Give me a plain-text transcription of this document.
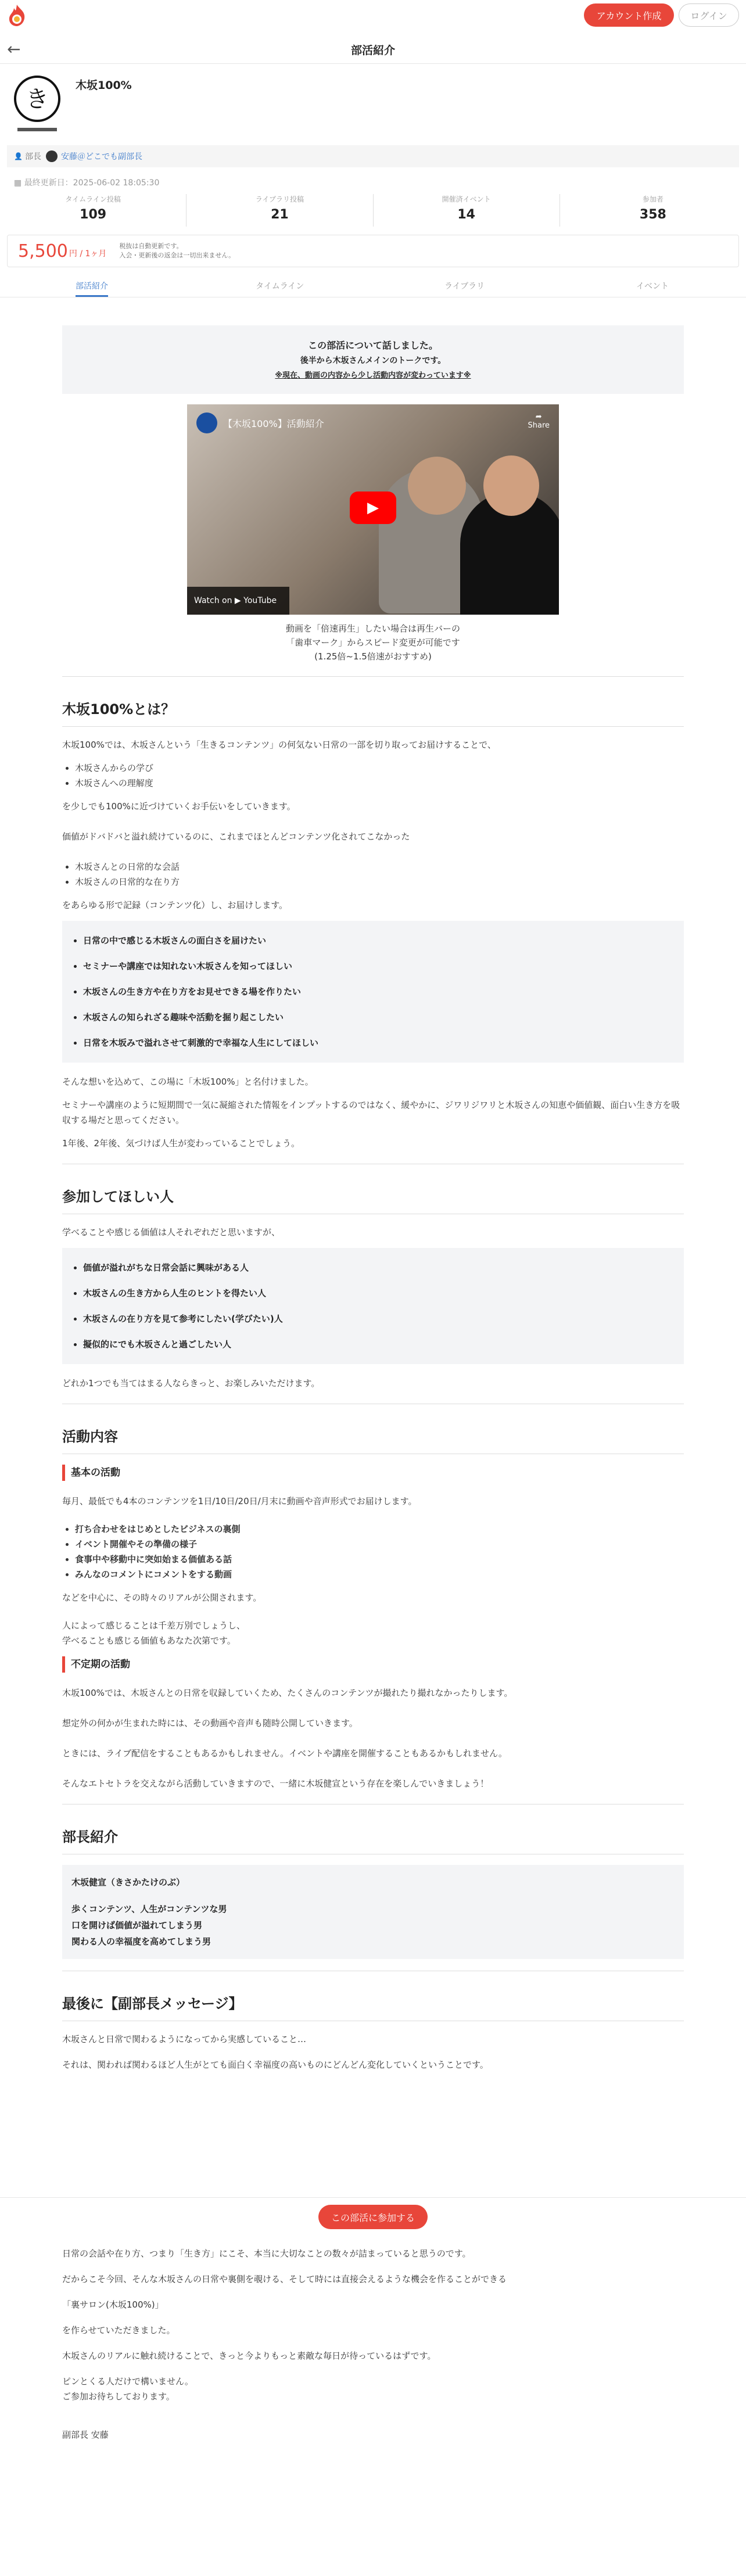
アカウント作成	ログイン
←	部活紹介
き
木坂100%
👤 部長 安藤＠どこでも副部長
▦ 最終更新日：2025-06-02 18:05:30
タイムライン投稿
109
ライブラリ投稿
21
開催済イベント
14
参加者
358
5,500 円 / 1ヶ月
税抜は自動更新です。
入会・更新後の返金は一切出来ません。
部活紹介	タイムライン	ライブラリ	イベント
この部活について話しました。
後半から木坂さんメインのトークです。
※現在、動画の内容から少し活動内容が変わっています※
【木坂100%】活動紹介
➦
Share
▶
Watch on ▶ YouTube
動画を「倍速再生」したい場合は再生バーの
「歯車マーク」からスピード変更が可能です
(1.25倍~1.5倍速がおすすめ)
木坂100%とは？

木坂100%では、木坂さんという「生きるコンテンツ」の何気ない日常の一部を切り取ってお届けすることで、

• 木坂さんからの学び
• 木坂さんへの理解度

を少しでも100%に近づけていくお手伝いをしていきます。

価値がドバドバと溢れ続けているのに、これまでほとんどコンテンツ化されてこなかった

• 木坂さんとの日常的な会話
• 木坂さんの日常的な在り方

をあらゆる形で記録（コンテンツ化）し、お届けします。

• 日常の中で感じる木坂さんの面白さを届けたい
• セミナーや講座では知れない木坂さんを知ってほしい
• 木坂さんの生き方や在り方をお見せできる場を作りたい
• 木坂さんの知られざる趣味や活動を掘り起こしたい
• 日常を木坂みで溢れさせて刺激的で幸福な人生にしてほしい

そんな想いを込めて、この場に「木坂100%」と名付けました。

セミナーや講座のように短期間で一気に凝縮された情報をインプットするのではなく、緩やかに、ジワリジワリと木坂さんの知恵や価値観、面白い生き方を吸収する場だと思ってください。

1年後、2年後、気づけば人生が変わっていることでしょう。

参加してほしい人

学べることや感じる価値は人それぞれだと思いますが、

• 価値が溢れがちな日常会話に興味がある人
• 木坂さんの生き方から人生のヒントを得たい人
• 木坂さんの在り方を見て参考にしたい(学びたい)人
• 擬似的にでも木坂さんと過ごしたい人

どれか1つでも当てはまる人ならきっと、お楽しみいただけます。

活動内容
基本の活動

毎月、最低でも4本のコンテンツを1日/10日/20日/月末に動画や音声形式でお届けします。

• 打ち合わせをはじめとしたビジネスの裏側
• イベント開催やその準備の様子
• 食事中や移動中に突如始まる価値ある話
• みんなのコメントにコメントをする動画

などを中心に、その時々のリアルが公開されます。

人によって感じることは千差万別でしょうし、
学べることも感じる価値もあなた次第です。

不定期の活動

木坂100%では、木坂さんとの日常を収録していくため、たくさんのコンテンツが撮れたり撮れなかったりします。

想定外の何かが生まれた時には、その動画や音声も随時公開していきます。

ときには、ライブ配信をすることもあるかもしれません。イベントや講座を開催することもあるかもしれません。

そんなエトセトラを交えながら活動していきますので、一緒に木坂健宣という存在を楽しんでいきましょう！

部長紹介
木坂健宣（きさかたけのぶ）
歩くコンテンツ、人生がコンテンツな男
口を開けば価値が溢れてしまう男
関わる人の幸福度を高めてしまう男
最後に【副部長メッセージ】

木坂さんと日常で関わるようになってから実感していること…

それは、関われば関わるほど人生がとても面白く幸福度の高いものにどんどん変化していくということです。

日常の会話や在り方、つまり「生き方」にこそ、本当に大切なことの数々が詰まっていると思うのです。

だからこそ今回、そんな木坂さんの日常や裏側を覗ける、そして時には直接会えるような機会を作ることができる

「裏サロン(木坂100%)」

を作らせていただきました。

木坂さんのリアルに触れ続けることで、きっと今よりもっと素敵な毎日が待っているはずです。

ピンとくる人だけで構いません。
ご参加お待ちしております。

副部長 安藤

この部活に参加する
